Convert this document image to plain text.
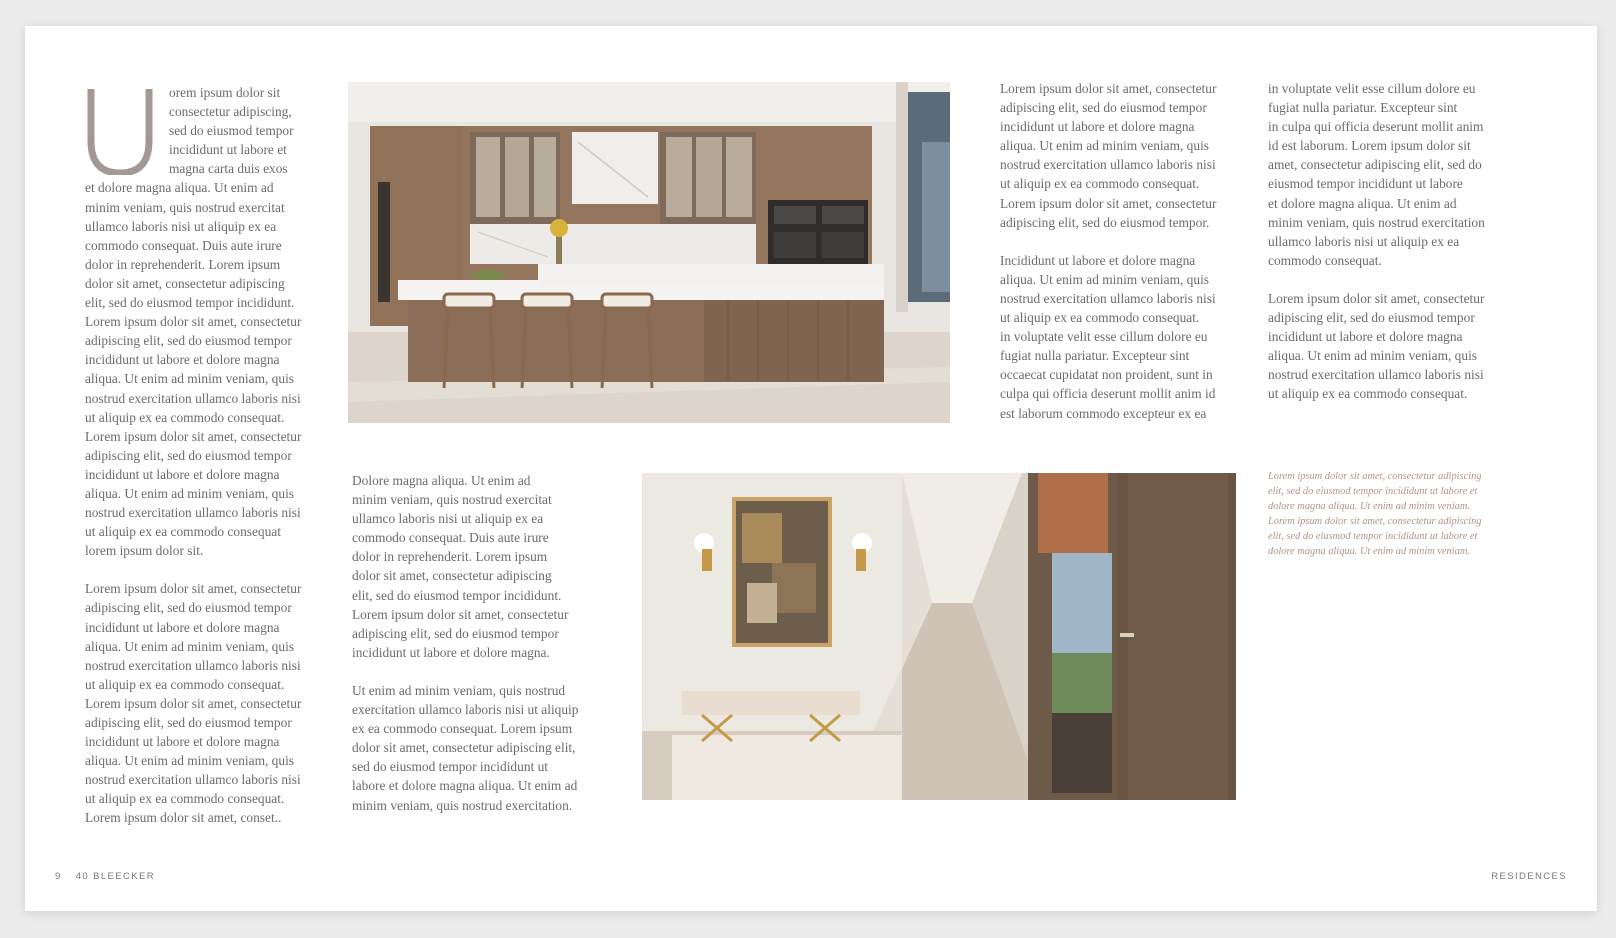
orem ipsum dolor sit
consectetur adipiscing,
sed do eiusmod tempor
incididunt ut labore et
magna carta duis exos

et dolore magna aliqua. Ut enim ad
minim veniam, quis nostrud exercitat
ullamco laboris nisi ut aliquip ex ea
commodo consequat. Duis aute irure
dolor in reprehenderit. Lorem ipsum
dolor sit amet, consectetur adipiscing
elit, sed do eiusmod tempor incididunt.
Lorem ipsum dolor sit amet, consectetur
adipiscing elit, sed do eiusmod tempor
incididunt ut labore et dolore magna
aliqua. Ut enim ad minim veniam, quis
nostrud exercitation ullamco laboris nisi
ut aliquip ex ea commodo consequat.
Lorem ipsum dolor sit amet, consectetur
adipiscing elit, sed do eiusmod tempor
incididunt ut labore et dolore magna
aliqua. Ut enim ad minim veniam, quis
nostrud exercitation ullamco laboris nisi
ut aliquip ex ea commodo consequat
lorem ipsum dolor sit.

Lorem ipsum dolor sit amet, consectetur
adipiscing elit, sed do eiusmod tempor
incididunt ut labore et dolore magna
aliqua. Ut enim ad minim veniam, quis
nostrud exercitation ullamco laboris nisi
ut aliquip ex ea commodo consequat.
Lorem ipsum dolor sit amet, consectetur
adipiscing elit, sed do eiusmod tempor
incididunt ut labore et dolore magna
aliqua. Ut enim ad minim veniam, quis
nostrud exercitation ullamco laboris nisi
ut aliquip ex ea commodo consequat.
Lorem ipsum dolor sit amet, conset..

Lorem ipsum dolor sit amet, consectetur
adipiscing elit, sed do eiusmod tempor
incididunt ut labore et dolore magna
aliqua. Ut enim ad minim veniam, quis
nostrud exercitation ullamco laboris nisi
ut aliquip ex ea commodo consequat.
Lorem ipsum dolor sit amet, consectetur
adipiscing elit, sed do eiusmod tempor.

Incididunt ut labore et dolore magna
aliqua. Ut enim ad minim veniam, quis
nostrud exercitation ullamco laboris nisi
ut aliquip ex ea commodo consequat.
in voluptate velit esse cillum dolore eu
fugiat nulla pariatur. Excepteur sint
occaecat cupidatat non proident, sunt in
culpa qui officia deserunt mollit anim id
est laborum commodo excepteur ex ea

in voluptate velit esse cillum dolore eu
fugiat nulla pariatur. Excepteur sint
in culpa qui officia deserunt mollit anim
id est laborum. Lorem ipsum dolor sit
amet, consectetur adipiscing elit, sed do
eiusmod tempor incididunt ut labore
et dolore magna aliqua. Ut enim ad
minim veniam, quis nostrud exercitation
ullamco laboris nisi ut aliquip ex ea
commodo consequat.

Lorem ipsum dolor sit amet, consectetur
adipiscing elit, sed do eiusmod tempor
incididunt ut labore et dolore magna
aliqua. Ut enim ad minim veniam, quis
nostrud exercitation ullamco laboris nisi
ut aliquip ex ea commodo consequat.

Dolore magna aliqua. Ut enim ad
minim veniam, quis nostrud exercitat
ullamco laboris nisi ut aliquip ex ea
commodo consequat. Duis aute irure
dolor in reprehenderit. Lorem ipsum
dolor sit amet, consectetur adipiscing
elit, sed do eiusmod tempor incididunt.
Lorem ipsum dolor sit amet, consectetur
adipiscing elit, sed do eiusmod tempor
incididunt ut labore et dolore magna.

Ut enim ad minim veniam, quis nostrud
exercitation ullamco laboris nisi ut aliquip
ex ea commodo consequat. Lorem ipsum
dolor sit amet, consectetur adipiscing elit,
sed do eiusmod tempor incididunt ut
labore et dolore magna aliqua. Ut enim ad
minim veniam, quis nostrud exercitation.

Lorem ipsum dolor sit amet, consectetur adipiscing
elit, sed do eiusmod tempor incididunt ut labore et
dolore magna aliqua. Ut enim ad minim veniam.
Lorem ipsum dolor sit amet, consectetur adipiscing
elit, sed do eiusmod tempor incididunt ut labore et
dolore magna aliqua. Ut enim ad minim veniam.
9 40 BLEECKER	RESIDENCES
